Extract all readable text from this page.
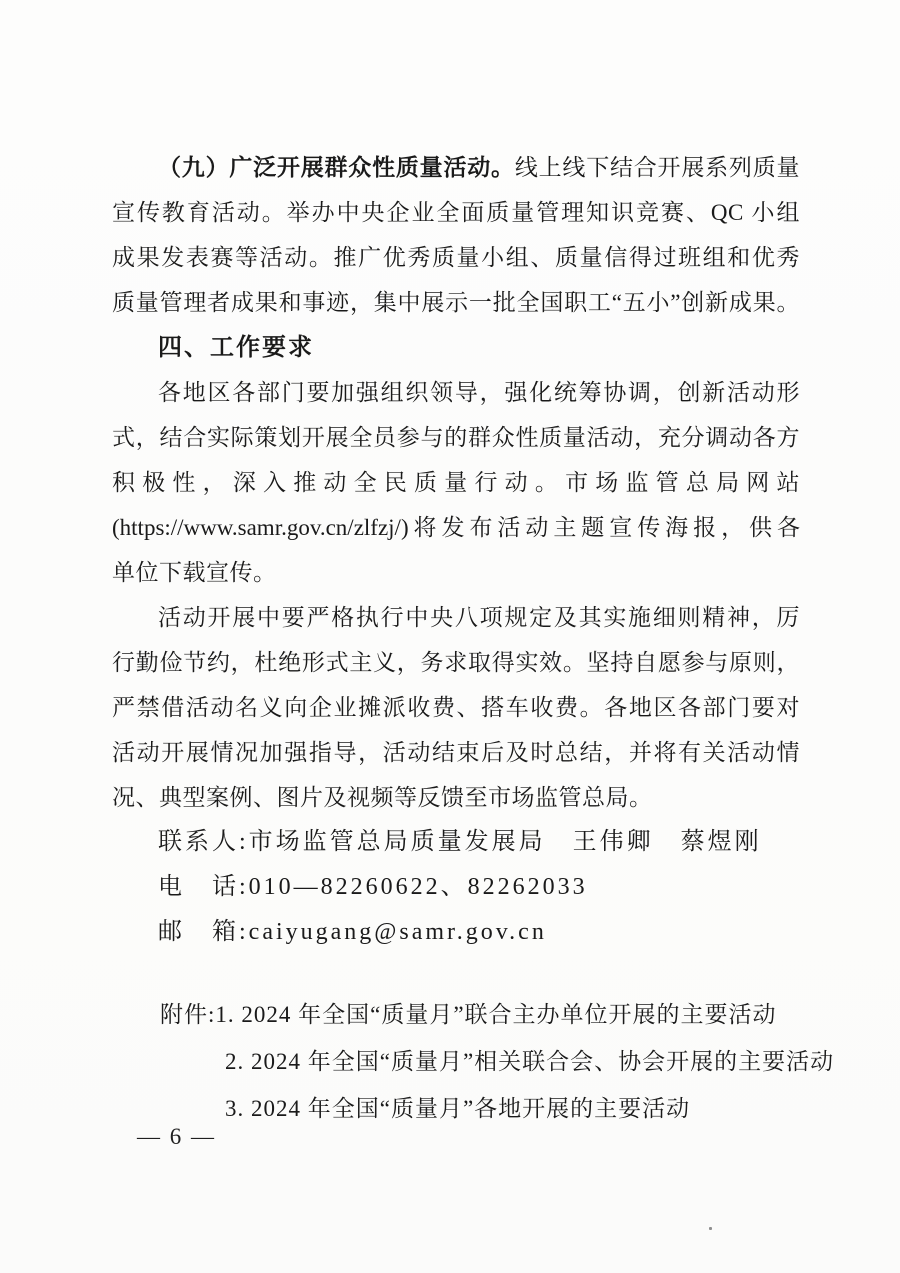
（九）广泛开展群众性质量活动。线上线下结合开展系列质量
宣传教育活动。举办中央企业全面质量管理知识竞赛、QC 小组
成果发表赛等活动。推广优秀质量小组、质量信得过班组和优秀
质量管理者成果和事迹，集中展示一批全国职工“五小”创新成果。
四、工作要求
各地区各部门要加强组织领导，强化统筹协调，创新活动形
式，结合实际策划开展全员参与的群众性质量活动，充分调动各方
积极性，深入推动全民质量行动。市场监管总局网站
(https://www.samr.gov.cn/zlfzj/)将发布活动主题宣传海报，供各
单位下载宣传。
活动开展中要严格执行中央八项规定及其实施细则精神，厉
行勤俭节约，杜绝形式主义，务求取得实效。坚持自愿参与原则，
严禁借活动名义向企业摊派收费、搭车收费。各地区各部门要对
活动开展情况加强指导，活动结束后及时总结，并将有关活动情
况、典型案例、图片及视频等反馈至市场监管总局。
联系人:市场监管总局质量发展局　王伟卿　蔡煜刚
电　话:010—82260622、82262033
邮　箱:caiyugang@samr.gov.cn
附件:1. 2024 年全国“质量月”联合主办单位开展的主要活动
2. 2024 年全国“质量月”相关联合会、协会开展的主要活动
3. 2024 年全国“质量月”各地开展的主要活动
— 6 —
